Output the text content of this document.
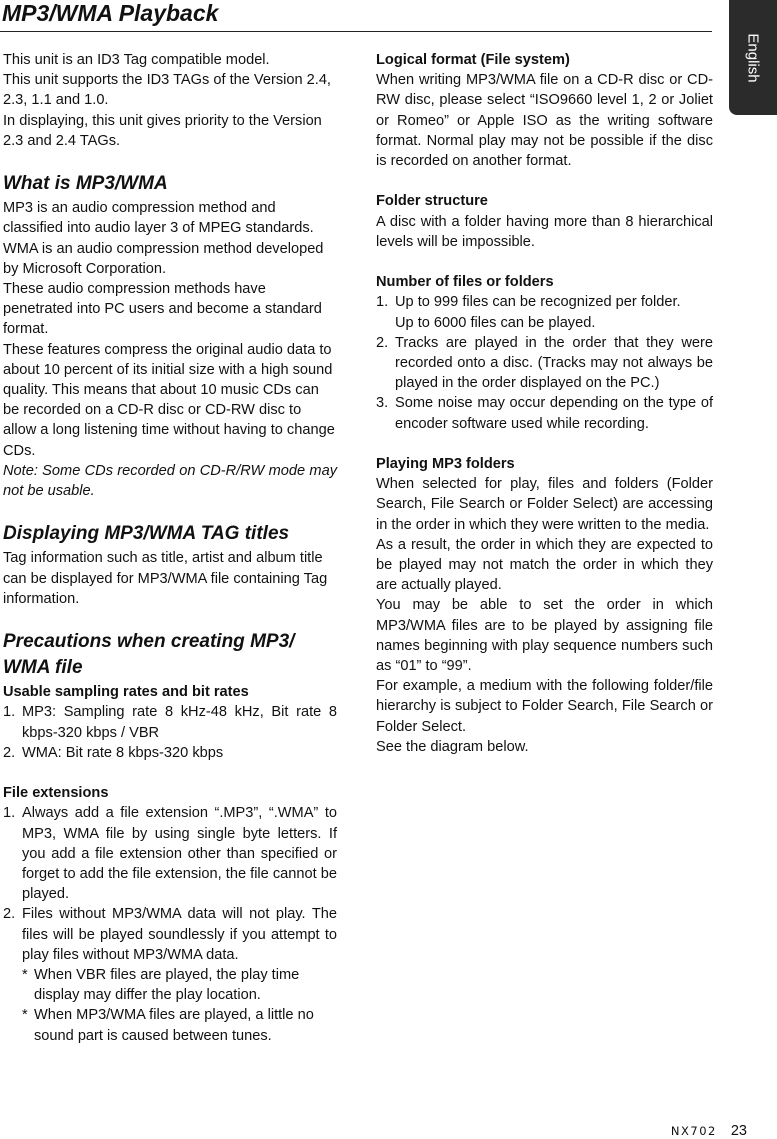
MP3/WMA Playback
English

This unit is an ID3 Tag compatible model.

This unit supports the ID3 TAGs of the Version 2.4, 2.3, 1.1 and 1.0.

In displaying, this unit gives priority to the Version 2.3 and 2.4 TAGs.

What is MP3/WMA

MP3 is an audio compression method and classified into audio layer 3 of MPEG standards.

WMA is an audio compression method developed by Microsoft Corporation.

These audio compression methods have penetrated into PC users and become a standard format.

These features compress the original audio data to about 10 percent of its initial size with a high sound quality. This means that about 10 music CDs can be recorded on a CD-R disc or CD-RW disc to allow a long listening time without having to change CDs.

Note: Some CDs recorded on CD-R/RW mode may not be usable.

Displaying MP3/WMA TAG titles

Tag information such as title, artist and album title can be displayed for MP3/WMA file containing Tag information.

Precautions when creating MP3/ WMA file

Usable sampling rates and bit rates

1. MP3: Sampling rate 8 kHz-48 kHz, Bit rate 8 kbps-320 kbps / VBR
2. WMA: Bit rate 8 kbps-320 kbps

File extensions

1. Always add a file extension “.MP3”, “.WMA” to MP3, WMA file by using single byte letters. If you add a file extension other than specified or forget to add the file extension, the file cannot be played.
2. Files without MP3/WMA data will not play. The files will be played soundlessly if you attempt to play files without MP3/WMA data.
* When VBR files are played, the play time display may differ the play location.
* When MP3/WMA files are played, a little no sound part is caused between tunes.

Logical format (File system)

When writing MP3/WMA file on a CD-R disc or CD-RW disc, please select “ISO9660 level 1, 2 or Joliet or Romeo” or Apple ISO as the writing software format. Normal play may not be possible if the disc is recorded on another format.

Folder structure

A disc with a folder having more than 8 hierarchical levels will be impossible.

Number of files or folders

1. Up to 999 files can be recognized per folder.

Up to 6000 files can be played.

2. Tracks are played in the order that they were recorded onto a disc. (Tracks may not always be played in the order displayed on the PC.)
3. Some noise may occur depending on the type of encoder software used while recording.

Playing MP3 folders

When selected for play, files and folders (Folder Search, File Search or Folder Select) are accessing in the order in which they were written to the media.

As a result, the order in which they are expected to be played may not match the order in which they are actually played.

You may be able to set the order in which MP3/WMA files are to be played by assigning file names beginning with play sequence numbers such as “01” to “99”.

For example, a medium with the following folder/file hierarchy is subject to Folder Search, File Search or Folder Select.

See the diagram below.

NX702 23
